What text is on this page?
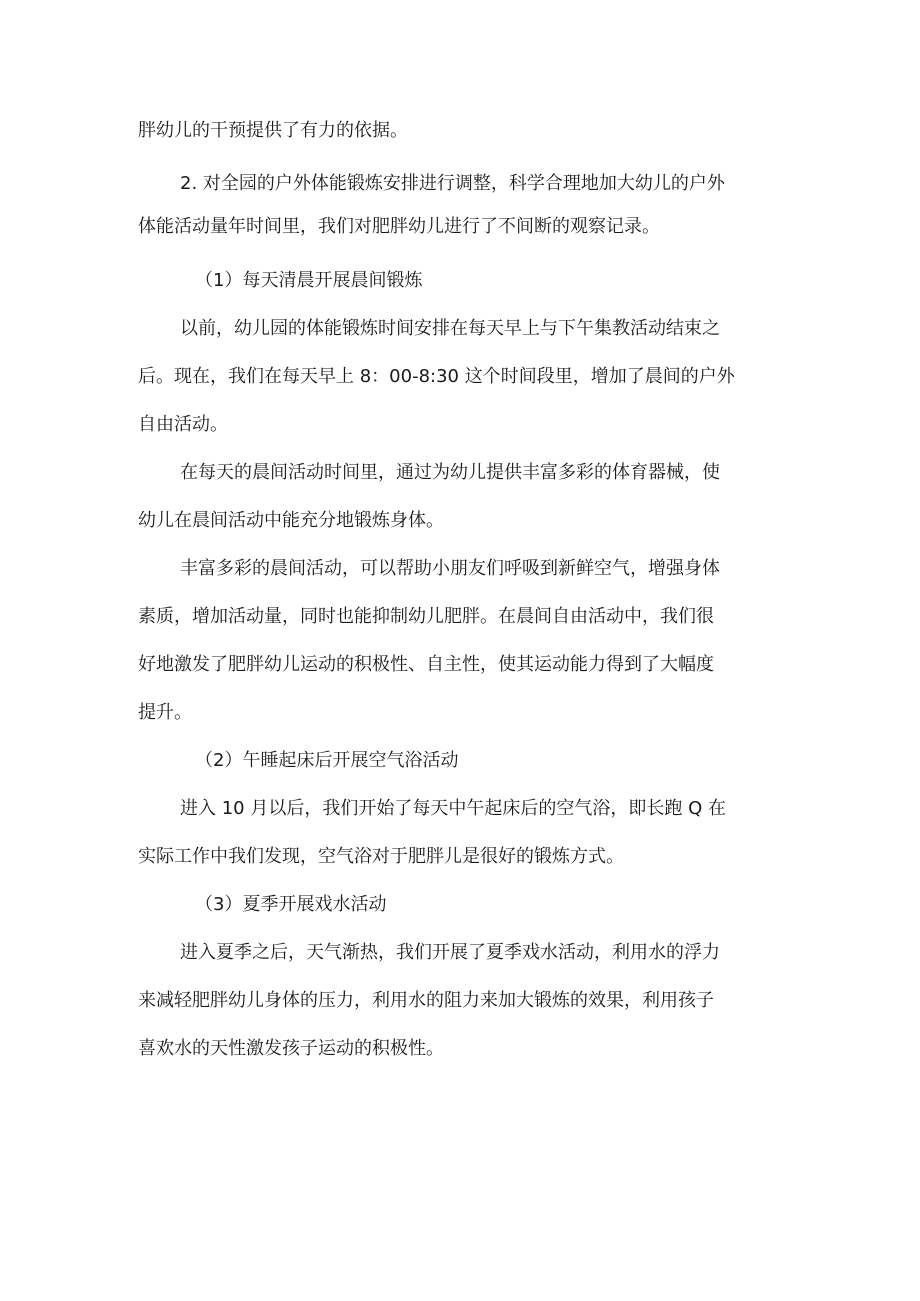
胖幼儿的干预提供了有力的依据。
2. 对全园的户外体能锻炼安排进行调整，科学合理地加大幼儿的户外
体能活动量年时间里，我们对肥胖幼儿进行了不间断的观察记录。
（1）每天清晨开展晨间锻炼
以前，幼儿园的体能锻炼时间安排在每天早上与下午集教活动结束之
后。现在，我们在每天早上 8：00-8:30 这个时间段里，增加了晨间的户外
自由活动。
在每天的晨间活动时间里，通过为幼儿提供丰富多彩的体育器械，使
幼儿在晨间活动中能充分地锻炼身体。
丰富多彩的晨间活动，可以帮助小朋友们呼吸到新鲜空气，增强身体
素质，增加活动量，同时也能抑制幼儿肥胖。在晨间自由活动中，我们很
好地激发了肥胖幼儿运动的积极性、自主性，使其运动能力得到了大幅度
提升。
（2）午睡起床后开展空气浴活动
进入 10 月以后，我们开始了每天中午起床后的空气浴，即长跑 Q 在
实际工作中我们发现，空气浴对于肥胖儿是很好的锻炼方式。
（3）夏季开展戏水活动
进入夏季之后，天气渐热，我们开展了夏季戏水活动，利用水的浮力
来减轻肥胖幼儿身体的压力，利用水的阻力来加大锻炼的效果，利用孩子
喜欢水的天性激发孩子运动的积极性。
